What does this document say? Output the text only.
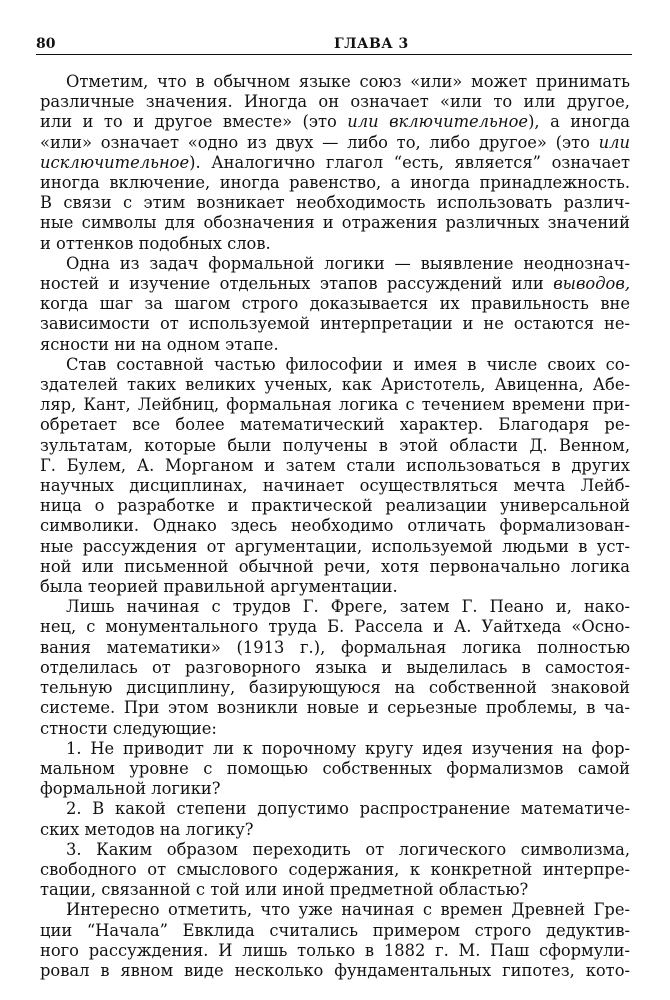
80	ГЛАВА 3
Отметим, что в обычном языке союз «или» может принимать
различные значения. Иногда он означает «или то или другое,
или и то и другое вместе» (это или включительное), а иногда
«или» означает «одно из двух — либо то, либо другое» (это или
исключительное). Аналогично глагол “есть, является” означает
иногда включение, иногда равенство, а иногда принадлежность.
В связи с этим возникает необходимость использовать различ-
ные символы для обозначения и отражения различных значений
и оттенков подобных слов.
Одна из задач формальной логики — выявление неоднознач-
ностей и изучение отдельных этапов рассуждений или выводов,
когда шаг за шагом строго доказывается их правильность вне
зависимости от используемой интерпретации и не остаются не-
ясности ни на одном этапе.
Став составной частью философии и имея в числе своих со-
здателей таких великих ученых, как Аристотель, Авиценна, Абе-
ляр, Кант, Лейбниц, формальная логика с течением времени при-
обретает все более математический характер. Благодаря ре-
зультатам, которые были получены в этой области Д. Венном,
Г. Булем, А. Морганом и затем стали использоваться в других
научных дисциплинах, начинает осуществляться мечта Лейб-
ница о разработке и практической реализации универсальной
символики. Однако здесь необходимо отличать формализован-
ные рассуждения от аргументации, используемой людьми в уст-
ной или письменной обычной речи, хотя первоначально логика
была теорией правильной аргументации.
Лишь начиная с трудов Г. Фреге, затем Г. Пеано и, нако-
нец, с монументального труда Б. Рассела и А. Уайтхеда «Осно-
вания математики» (1913 г.), формальная логика полностью
отделилась от разговорного языка и выделилась в самостоя-
тельную дисциплину, базирующуюся на собственной знаковой
системе. При этом возникли новые и серьезные проблемы, в ча-
стности следующие:
1. Не приводит ли к порочному кругу идея изучения на фор-
мальном уровне с помощью собственных формализмов самой
формальной логики?
2. В какой степени допустимо распространение математиче-
ских методов на логику?
3. Каким образом переходить от логического символизма,
свободного от смыслового содержания, к конкретной интерпре-
тации, связанной с той или иной предметной областью?
Интересно отметить, что уже начиная с времен Древней Гре-
ции “Начала” Евклида считались примером строго дедуктив-
ного рассуждения. И лишь только в 1882 г. М. Паш сформули-
ровал в явном виде несколько фундаментальных гипотез, кото-
